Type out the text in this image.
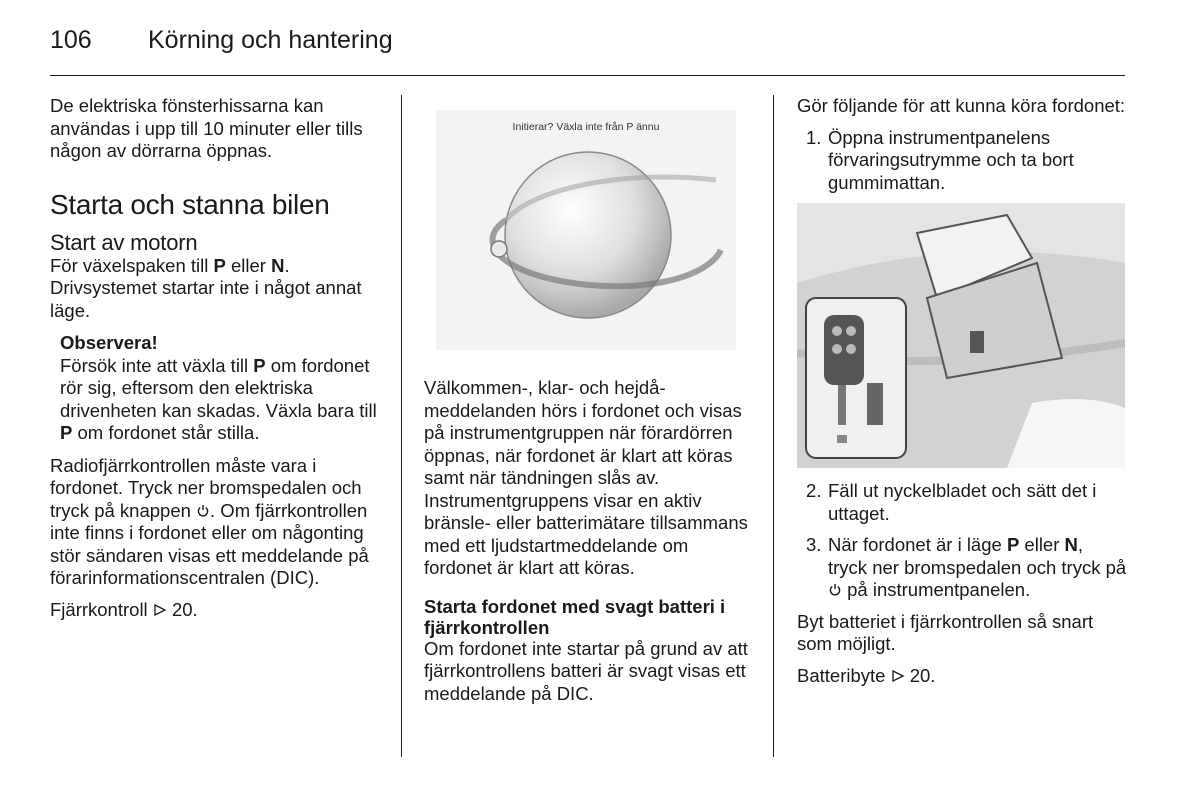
106 Körning och hantering

De elektriska fönsterhissarna kan användas i upp till 10 minuter eller tills någon av dörrarna öppnas.

Starta och stanna bilen
Start av motorn

För växelspaken till P eller N. Drivsystemet startar inte i något annat läge.

Observera!
Försök inte att växla till P om fordonet rör sig, eftersom den elektriska drivenheten kan skadas. Växla bara till P om fordonet står stilla.

Radiofjärrkontrollen måste vara i fordonet. Tryck ner bromspedalen och tryck på knappen . Om fjärrkontrollen inte finns i fordonet eller om någonting stör sändaren visas ett meddelande på förarinformationscentralen (DIC).

Fjärrkontroll  20.

Initierar? Växla inte från P ännu

Välkommen-, klar- och hejdå-meddelanden hörs i fordonet och visas på instrumentgruppen när förardörren öppnas, när fordonet är klart att köras samt när tändningen slås av. Instrumentgruppens visar en aktiv bränsle- eller batterimätare tillsammans med ett ljudstartmeddelande om fordonet är klart att köras.

Starta fordonet med svagt batteri i fjärrkontrollen

Om fordonet inte startar på grund av att fjärrkontrollens batteri är svagt visas ett meddelande på DIC.

Gör följande för att kunna köra fordonet:

1. Öppna instrumentpanelens förvaringsutrymme och ta bort gummimattan.
2. Fäll ut nyckelbladet och sätt det i uttaget.
3. När fordonet är i läge P eller N, tryck ner bromspedalen och tryck på  på instrumentpanelen.

Byt batteriet i fjärrkontrollen så snart som möjligt.

Batteribyte  20.
